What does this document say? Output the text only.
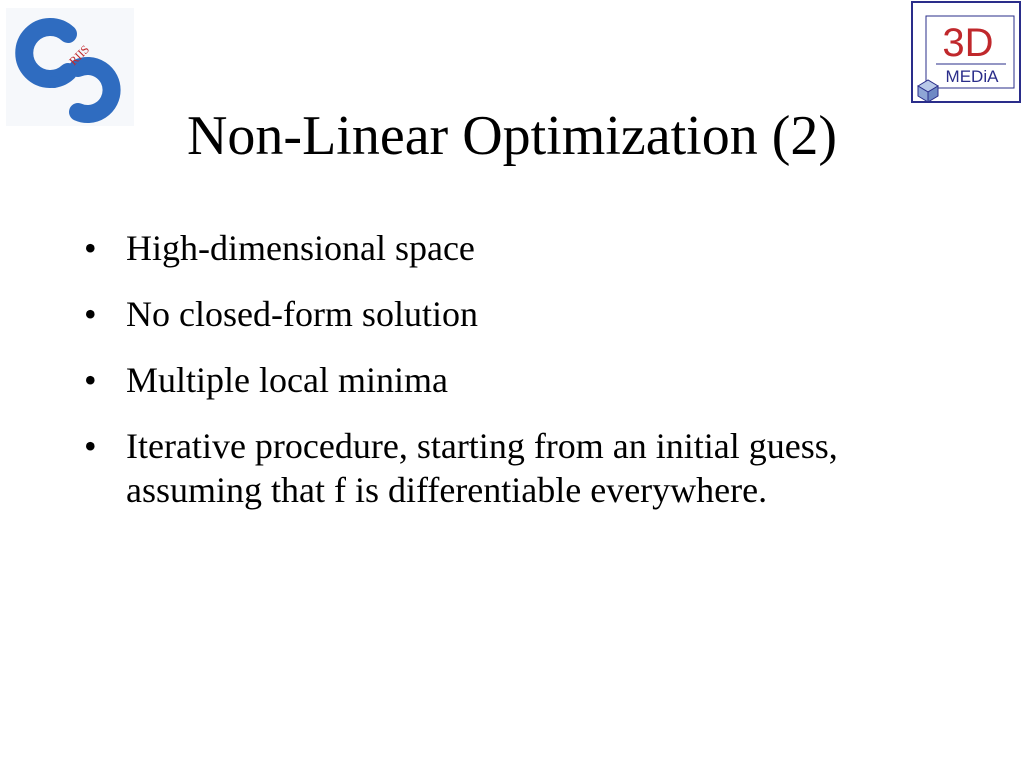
RIIS	3D
MEDiA
Non-Linear Optimization (2)
• High-dimensional space
• No closed-form solution
• Multiple local minima
• Iterative procedure, starting from an initial guess, assuming that f is differentiable everywhere.
